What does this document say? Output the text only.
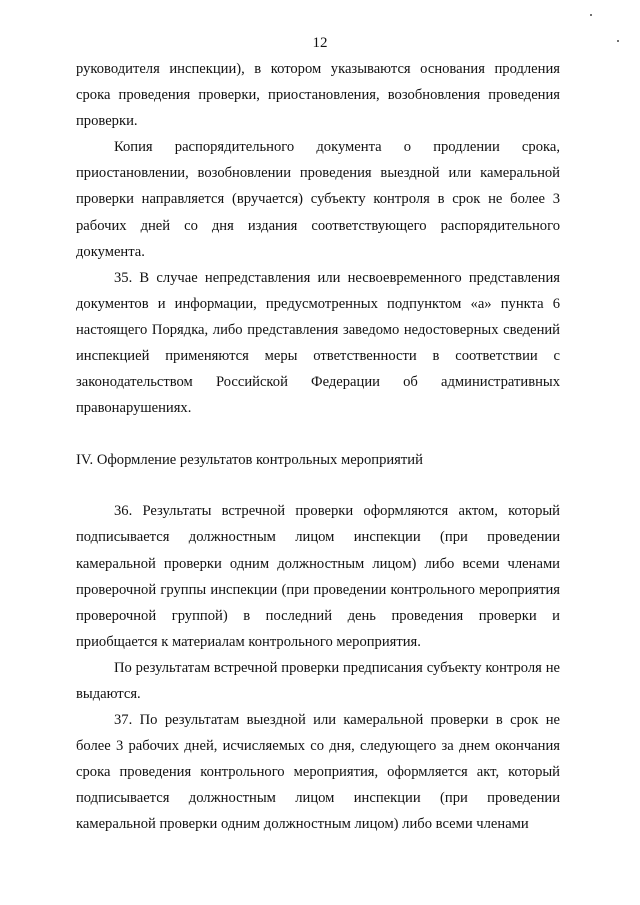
12

руководителя инспекции), в котором указываются основания продления срока проведения проверки, приостановления, возобновления проведения проверки.

Копия распорядительного документа о продлении срока, приостановлении, возобновлении проведения выездной или камеральной проверки направляется (вручается) субъекту контроля в срок не более 3 рабочих дней со дня издания соответствующего распорядительного документа.

35. В случае непредставления или несвоевременного представления документов и информации, предусмотренных подпунктом «а» пункта 6 настоящего Порядка, либо представления заведомо недостоверных сведений инспекцией применяются меры ответственности в соответствии с законодательством Российской Федерации об административных правонарушениях.

IV. Оформление результатов контрольных мероприятий

36. Результаты встречной проверки оформляются актом, который подписывается должностным лицом инспекции (при проведении камеральной проверки одним должностным лицом) либо всеми членами проверочной группы инспекции (при проведении контрольного мероприятия проверочной группой) в последний день проведения проверки и приобщается к материалам контрольного мероприятия.

По результатам встречной проверки предписания субъекту контроля не выдаются.

37. По результатам выездной или камеральной проверки в срок не более 3 рабочих дней, исчисляемых со дня, следующего за днем окончания срока проведения контрольного мероприятия, оформляется акт, который подписывается должностным лицом инспекции (при проведении камеральной проверки одним должностным лицом) либо всеми членами
